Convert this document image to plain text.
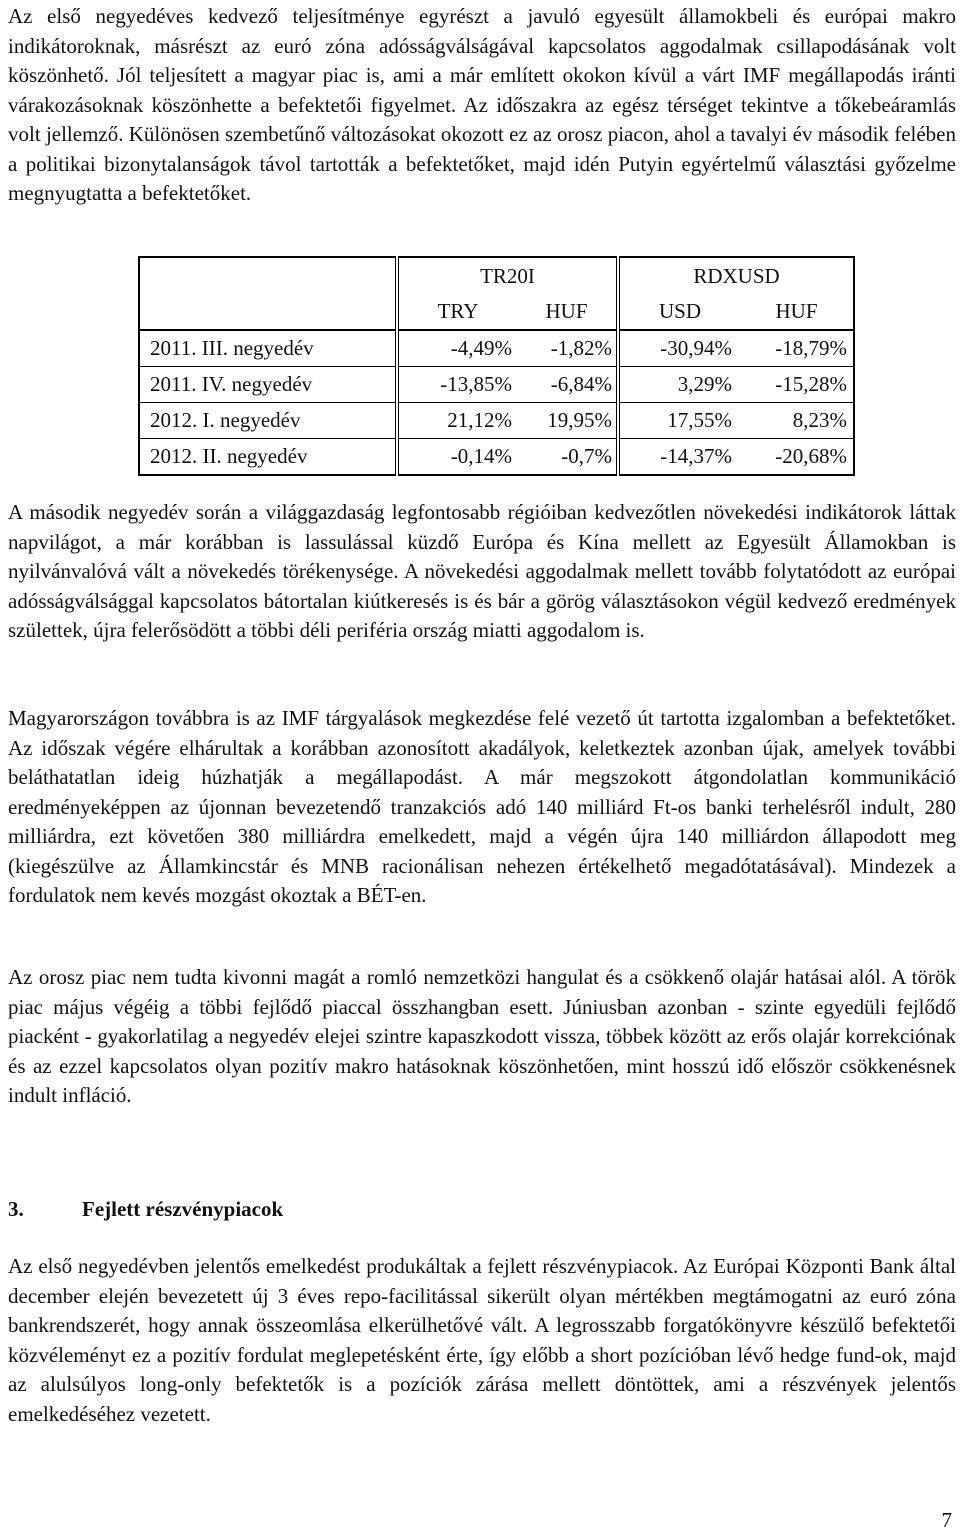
Az első negyedéves kedvező teljesítménye egyrészt a javuló egyesült államokbeli és európai makro indikátoroknak, másrészt az euró zóna adósságválságával kapcsolatos aggodalmak csillapodásának volt köszönhető. Jól teljesített a magyar piac is, ami a már említett okokon kívül a várt IMF megállapodás iránti várakozásoknak köszönhette a befektetői figyelmet. Az időszakra az egész térséget tekintve a tőkebeáramlás volt jellemző. Különösen szembetűnő változásokat okozott ez az orosz piacon, ahol a tavalyi év második felében a politikai bizonytalanságok távol tartották a befektetőket, majd idén Putyin egyértelmű választási győzelme megnyugtatta a befektetőket.

	TR20I		RDXUSD	
	TRY	HUF	USD	HUF
2011. III. negyedév	-4,49%	-1,82%	-30,94%	-18,79%
2011. IV. negyedév	-13,85%	-6,84%	3,29%	-15,28%
2012. I. negyedév	21,12%	19,95%	17,55%	8,23%
2012. II. negyedév	-0,14%	-0,7%	-14,37%	-20,68%

A második negyedév során a világgazdaság legfontosabb régióiban kedvezőtlen növekedési indikátorok láttak napvilágot, a már korábban is lassulással küzdő Európa és Kína mellett az Egyesült Államokban is nyilvánvalóvá vált a növekedés törékenysége. A növekedési aggodalmak mellett tovább folytatódott az európai adósságválsággal kapcsolatos bátortalan kiútkeresés is és bár a görög választásokon végül kedvező eredmények születtek, újra felerősödött a többi déli periféria ország miatti aggodalom is.

Magyarországon továbbra is az IMF tárgyalások megkezdése felé vezető út tartotta izgalomban a befektetőket. Az időszak végére elhárultak a korábban azonosított akadályok, keletkeztek azonban újak, amelyek további beláthatatlan ideig húzhatják a megállapodást. A már megszokott átgondolatlan kommunikáció eredményeképpen az újonnan bevezetendő tranzakciós adó 140 milliárd Ft-os banki terhelésről indult, 280 milliárdra, ezt követően 380 milliárdra emelkedett, majd a végén újra 140 milliárdon állapodott meg (kiegészülve az Államkincstár és MNB racionálisan nehezen értékelhető megadótatásával). Mindezek a fordulatok nem kevés mozgást okoztak a BÉT-en.

Az orosz piac nem tudta kivonni magát a romló nemzetközi hangulat és a csökkenő olajár hatásai alól. A török piac május végéig a többi fejlődő piaccal összhangban esett. Júniusban azonban - szinte egyedüli fejlődő piacként - gyakorlatilag a negyedév elejei szintre kapaszkodott vissza, többek között az erős olajár korrekciónak és az ezzel kapcsolatos olyan pozitív makro hatásoknak köszönhetően, mint hosszú idő először csökkenésnek indult infláció.

3.	Fejlett részvénypiacok

Az első negyedévben jelentős emelkedést produkáltak a fejlett részvénypiacok. Az Európai Központi Bank által december elején bevezetett új 3 éves repo-facilitással sikerült olyan mértékben megtámogatni az euró zóna bankrendszerét, hogy annak összeomlása elkerülhetővé vált. A legrosszabb forgatókönyvre készülő befektetői közvéleményt ez a pozitív fordulat meglepetésként érte, így előbb a short pozícióban lévő hedge fund-ok, majd az alulsúlyos long-only befektetők is a pozíciók zárása mellett döntöttek, ami a részvények jelentős emelkedéséhez vezetett.

7
